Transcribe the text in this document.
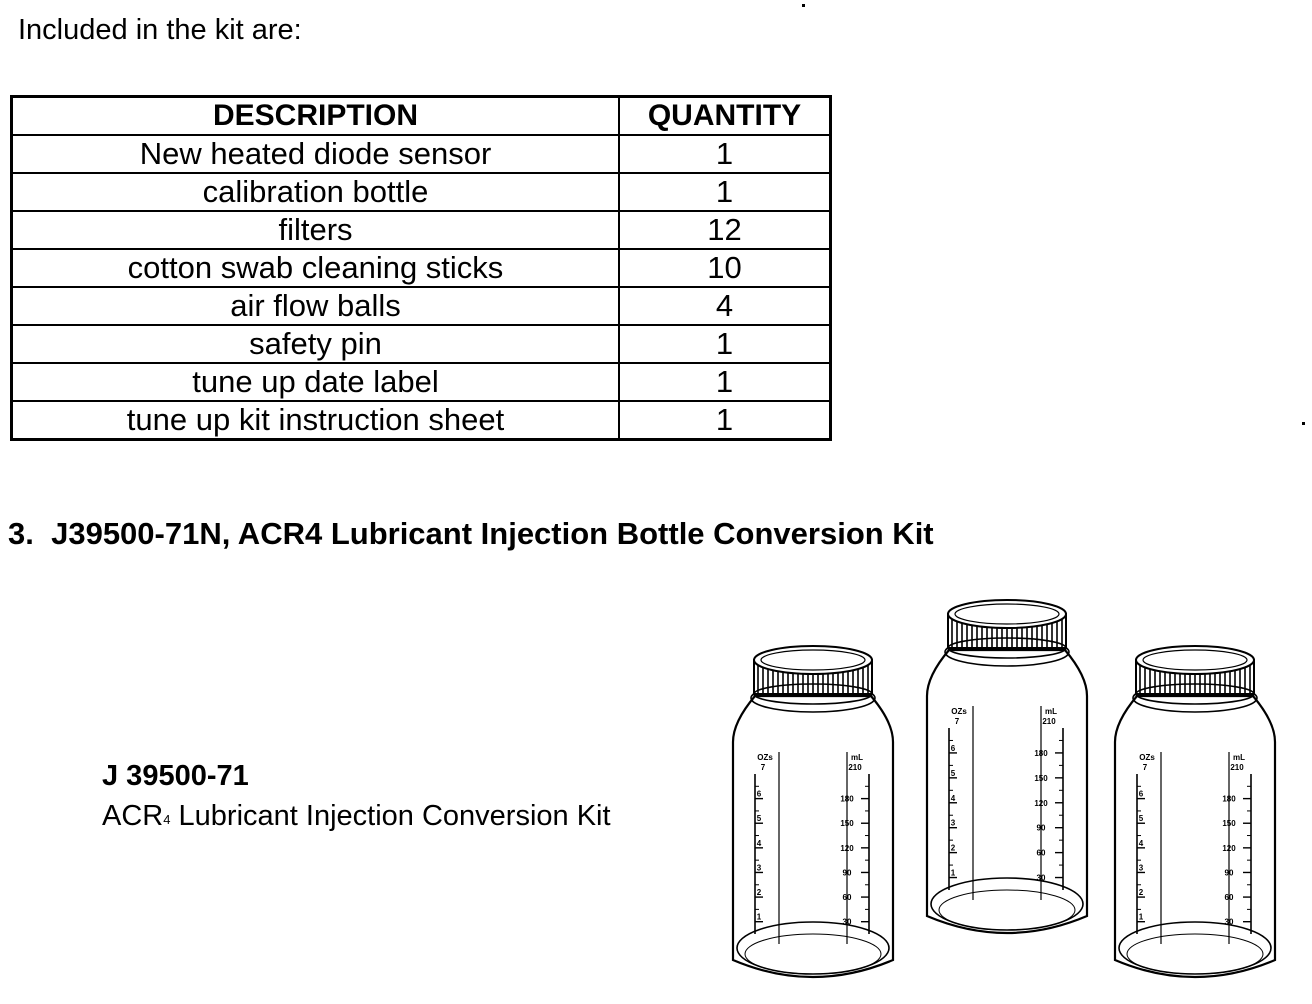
Included in the kit are:
DESCRIPTION	QUANTITY
New heated diode sensor	1
calibration bottle	1
filters	12
cotton swab cleaning sticks	10
air flow balls	4
safety pin	1
tune up date label	1
tune up kit instruction sheet	1
3. J39500-71N, ACR4 Lubricant Injection Bottle Conversion Kit
J 39500-71
ACR$^4$ Lubricant Injection Conversion Kit
OZs
7
mL
210
6
180
5
150
4
120
3
90
2
60
1
30
OZs
7
mL
210
6
180
5
150
4
120
3
90
2
60
1
30
OZs
7
mL
210
6
180
5
150
4
120
3
90
2
60
1
30
